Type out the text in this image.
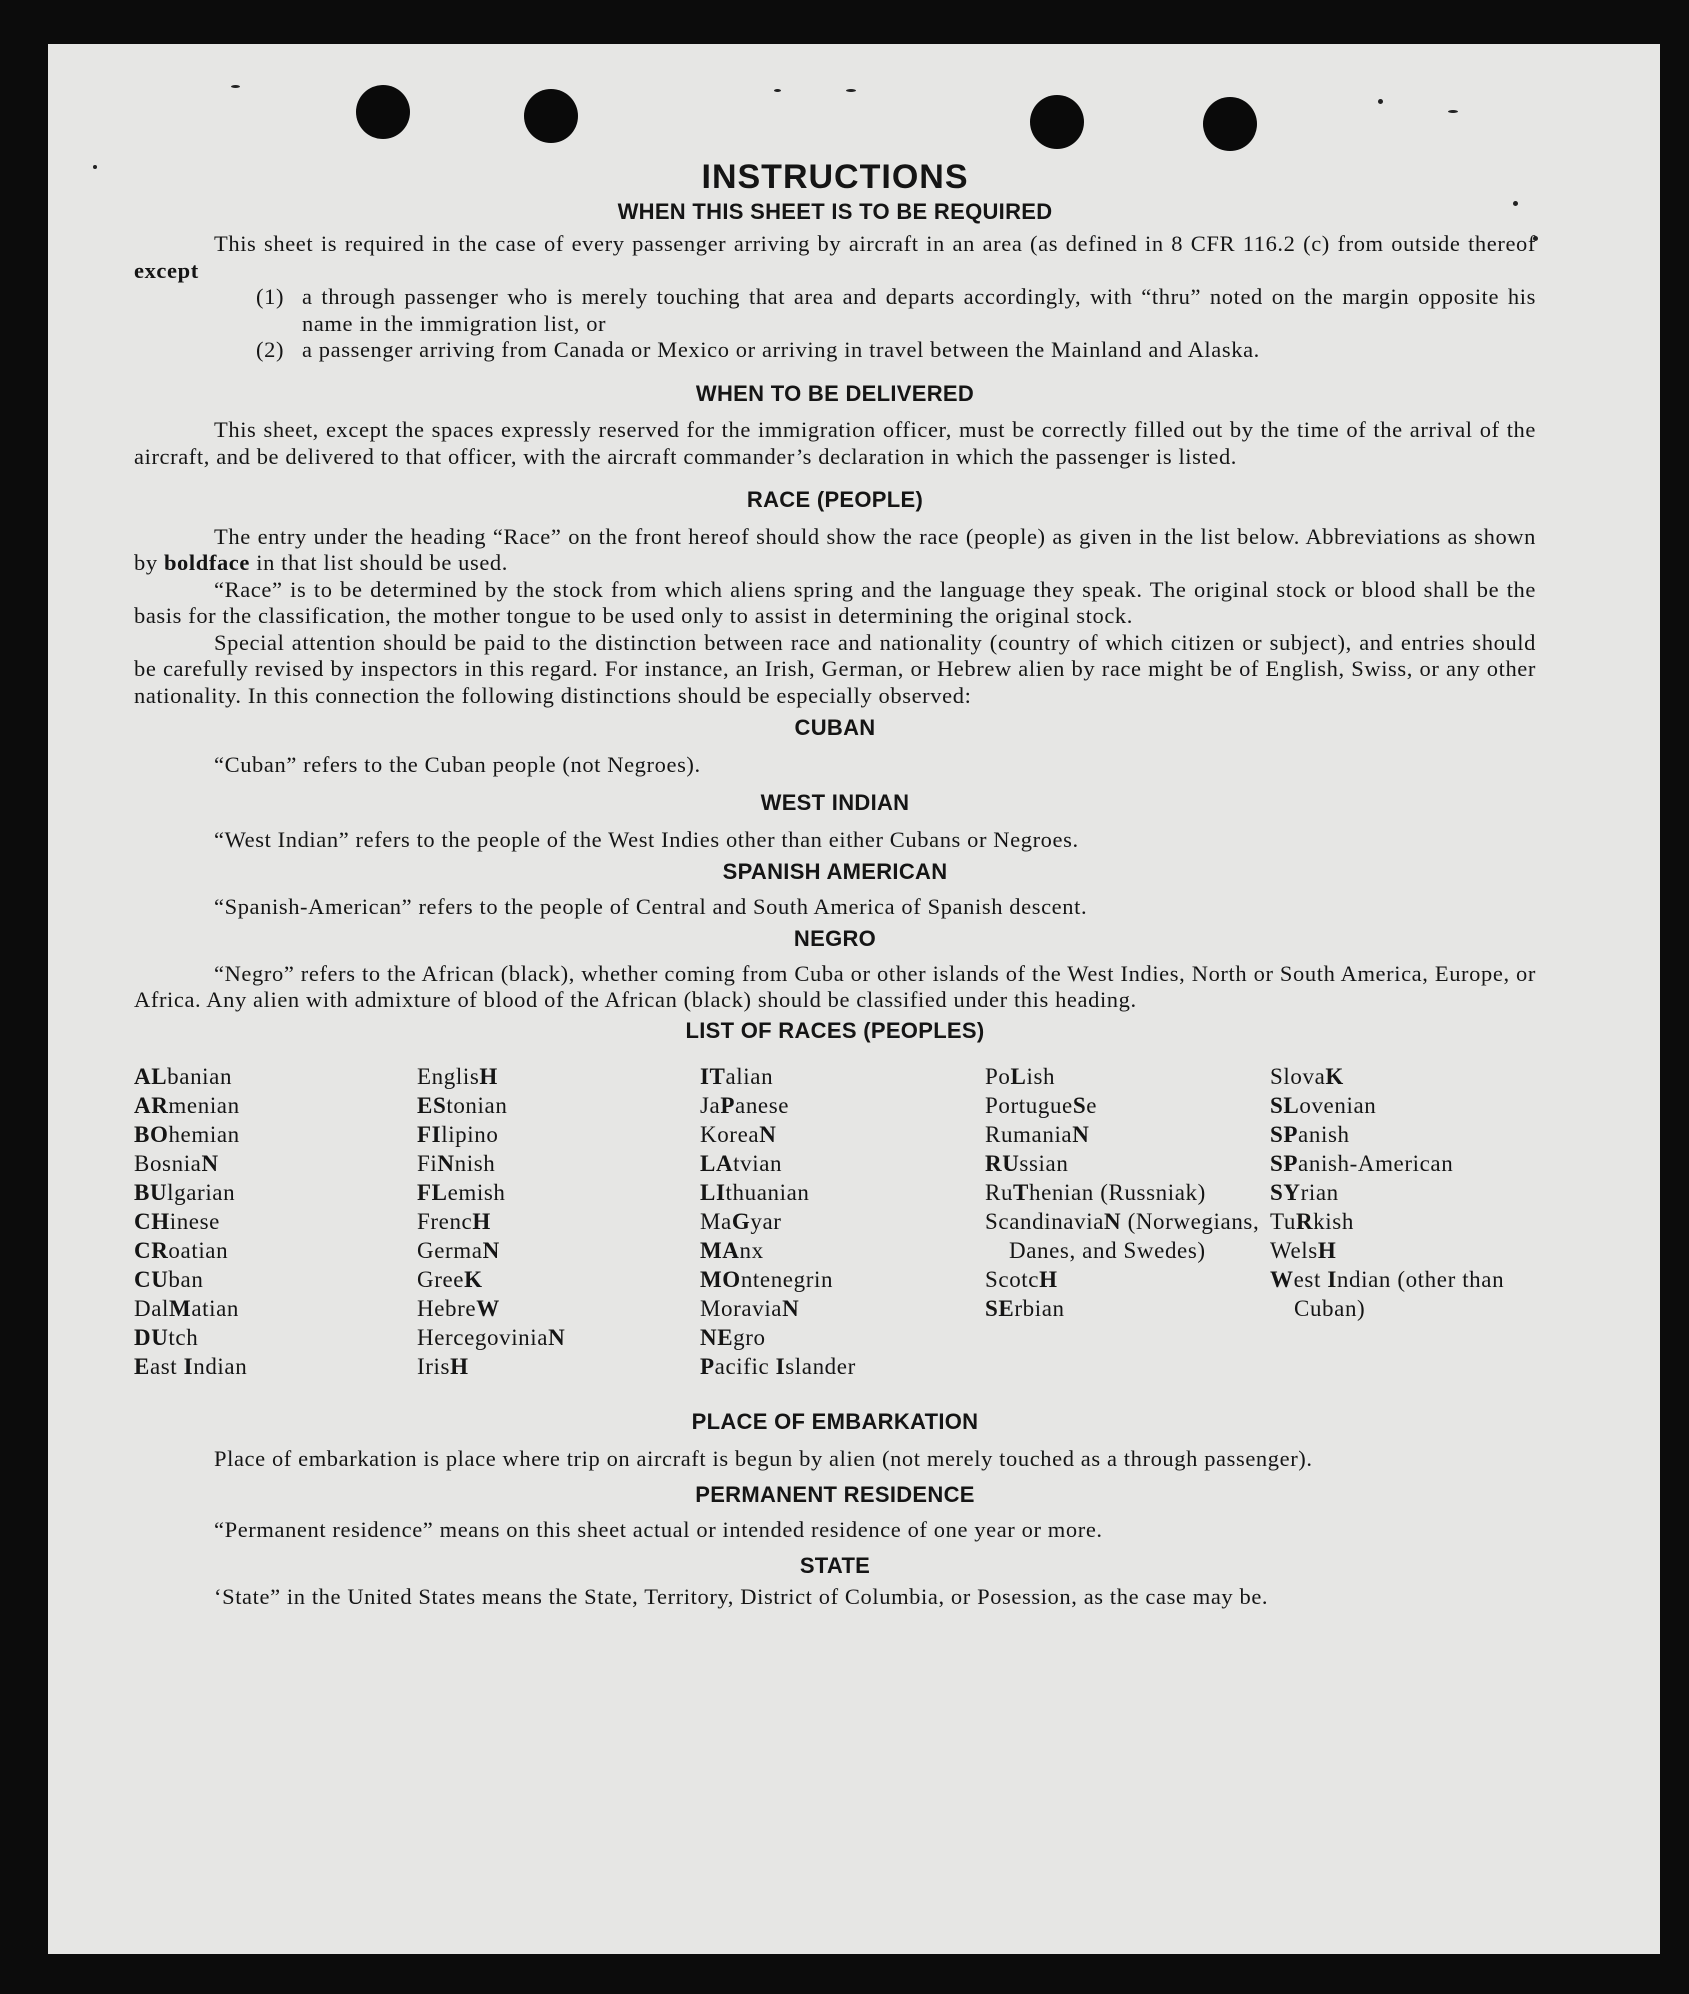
INSTRUCTIONS
WHEN THIS SHEET IS TO BE REQUIRED

This sheet is required in the case of every passenger arriving by aircraft in an area (as defined in 8 CFR 116.2 (c) from outside thereof except

(1) a through passenger who is merely touching that area and departs accordingly, with “thru” noted on the margin opposite his name in the immigration list, or
(2) a passenger arriving from Canada or Mexico or arriving in travel between the Mainland and Alaska.
WHEN TO BE DELIVERED

This sheet, except the spaces expressly reserved for the immigration officer, must be correctly filled out by the time of the arrival of the aircraft, and be delivered to that officer, with the aircraft commander’s declaration in which the passenger is listed.

RACE (PEOPLE)

The entry under the heading “Race” on the front hereof should show the race (people) as given in the list below. Abbreviations as shown by boldface in that list should be used.

“Race” is to be determined by the stock from which aliens spring and the language they speak. The original stock or blood shall be the basis for the classification, the mother tongue to be used only to assist in determining the original stock.

Special attention should be paid to the distinction between race and nationality (country of which citizen or subject), and entries should be carefully revised by inspectors in this regard. For instance, an Irish, German, or Hebrew alien by race might be of English, Swiss, or any other nationality. In this connection the following distinctions should be especially observed:

CUBAN

“Cuban” refers to the Cuban people (not Negroes).

WEST INDIAN

“West Indian” refers to the people of the West Indies other than either Cubans or Negroes.

SPANISH AMERICAN

“Spanish-American” refers to the people of Central and South America of Spanish descent.

NEGRO

“Negro” refers to the African (black), whether coming from Cuba or other islands of the West Indies, North or South America, Europe, or Africa. Any alien with admixture of blood of the African (black) should be classified under this heading.

LIST OF RACES (PEOPLES)
ALbanian
ARmenian
BOhemian
BosniaN
BUlgarian
CHinese
CRoatian
CUban
DalMatian
DUtch
East Indian
EnglisH
EStonian
FIlipino
FiNnish
FLemish
FrencH
GermaN
GreeK
HebreW
HercegoviniaN
IrisH
ITalian
JaPanese
KoreaN
LAtvian
LIthuanian
MaGyar
MAnx
MOntenegrin
MoraviaN
NEgro
Pacific Islander
PoLish
PortugueSe
RumaniaN
RUssian
RuThenian (Russniak)
ScandinaviaN (Norwegians, Danes, and Swedes)
ScotcH
SErbian
SlovaK
SLovenian
SPanish
SPanish-American
SYrian
TuRkish
WelsH
West Indian (other than Cuban)
PLACE OF EMBARKATION

Place of embarkation is place where trip on aircraft is begun by alien (not merely touched as a through passenger).

PERMANENT RESIDENCE

“Permanent residence” means on this sheet actual or intended residence of one year or more.

STATE

‘State” in the United States means the State, Territory, District of Columbia, or Posession, as the case may be.
